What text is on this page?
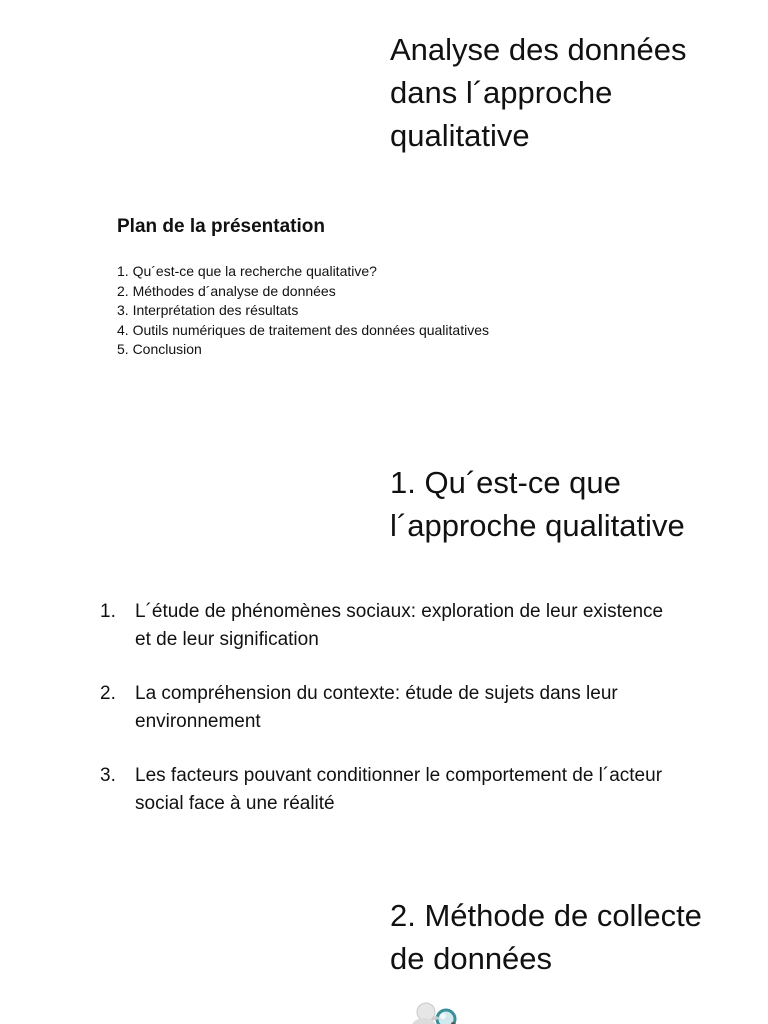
Analyse des données
dans l´approche
qualitative
Plan de la présentation
1. Qu´est-ce que la recherche qualitative?
2. Méthodes d´analyse de données
3. Interprétation des résultats
4. Outils numériques de traitement des données qualitatives
5. Conclusion
1. Qu´est-ce que
l´approche qualitative
1.	L´étude de phénomènes sociaux: exploration de leur existence et de leur signification
2.	La compréhension du contexte: étude de sujets dans leur environnement
3.	Les facteurs pouvant conditionner le comportement de l´acteur social face à une réalité
2. Méthode de collecte
de données
